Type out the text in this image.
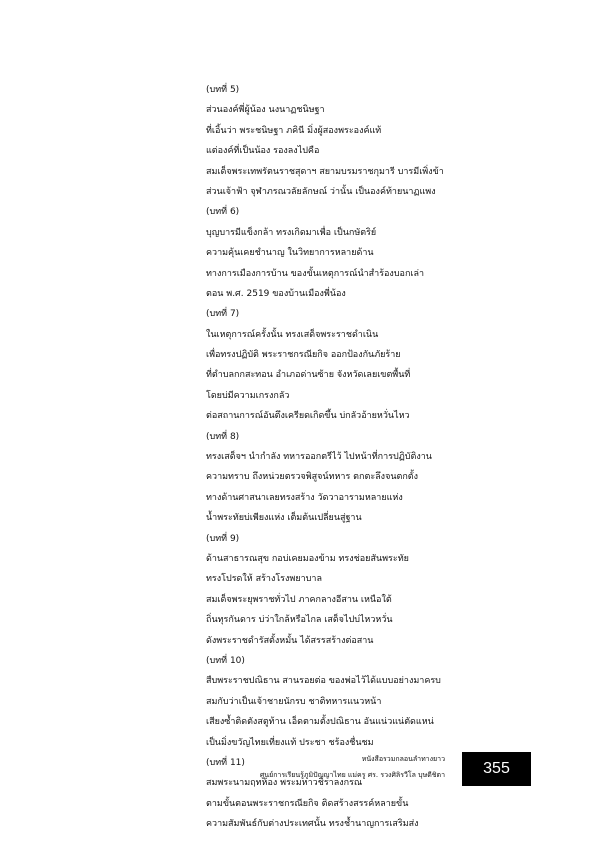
(บทที่ 5)
ส่วนองค์พี่ผู้น้อง นงนาฏชนิษฐา
ที่เอิ้นว่า พระชนิษฐา ภคินี มิ่งผู้สองพระองค์แท้
แต่องค์ที่เป็นน้อง รองลงไปคือ
สมเด็จพระเทพรัตนราชสุดาฯ สยามบรมราชกุมารี บารมีเพิ่งข้า
ส่วนเจ้าฟ้า จุฬาภรณวลัยลักษณ์ ว่านั้น เป็นองค์ท้ายนาฏแพง
(บทที่ 6)
บุญบารมีแข็งกล้า ทรงเกิดมาเพื่อ เป็นกษัตริย์
ความคุ้นเคยชำนาญ ในวิทยาการหลายด้าน
ทางการเมืองการบ้าน ของขั้นเหตุการณ์นำสำร้องบอกเล่า
ตอน พ.ศ. 2519 ของบ้านเมืองพี่น้อง
(บทที่ 7)
ในเหตุการณ์ครั้งนั้น ทรงเสด็จพระราชดำเนิน
เพื่อทรงปฏิบัติ พระราชกรณียกิจ ออกป้องกันภัยร้าย
ที่ตำบลกกสะทอน อำเภอด่านซ้าย จังหวัดเลยเขตพื้นที่
โดยบ่มีความเกรงกลัว
ต่อสถานการณ์อันตึงเครียดเกิดขึ้น บ่กลัวอ้ายหวั่นไหว
(บทที่ 8)
ทรงเสด็จฯ นำกำลัง ทหารออกตรีไว้ ไปหน้าที่การปฏิบัติงาน
ความทราบ ถึงหน่วยตรวจพิสูจน์ทหาร ตกตะลึงจนตกตั้ง
ทางด้านศาสนาเลยทรงสร้าง วัดวาอารามหลายแห่ง
น้ำพระทัยบ่เพียงแห่ง เต็มต้นเปลี่ยนสู่ฐาน
(บทที่ 9)
ด้านสาธารณสุข กอบ่เคยมองข้าม ทรงช่อยสันพระทัย
ทรงโปรดให้ สร้างโรงพยาบาล
สมเด็จพระยุพราชทั่วไป ภาคกลางอีสาน เหนือใต้
ถิ่นทุรกันดาร บ่ว่าใกล้หรือไกล เสด็จไปบ่ไหวหวั่น
ดังพระราชดำรัสตั้งหมั้น ได้สรรสร้างต่อสาน
(บทที่ 10)
สืบพระราชปณิธาน สานรอยต่อ ของพ่อไว้ได้แบบอย่างมาครบ
สมกับว่าเป็นเจ้าชายนักรบ ชาติทหารแนวหน้า
เสียงซ้ำติดตังสตูท้าน เอ็ดตามตั้งปณิธาน อันแน่วแน่ตัดแหน่
เป็นมิ่งขวัญไทยเที่ยงแท้ ประชา ชร้องชื่นชม
(บทที่ 11)
สมพระนามฤทห้อง พระมหาวชิราลงกรณ
ตามขั้นตอนพระราชกรณียกิจ ติดสร้างสรรค์หลายขั้น
ความสัมพันธ์กับต่างประเทศนั้น ทรงช้ำนาญการเสริมส่ง
หนังสือรวมกลอนลำทางยาว
ศูนย์การเรียนรู้ภูมิปัญญาไทย แม่ครู ศร. รวงศิลิรวีโล บุษดีชิตา 355
